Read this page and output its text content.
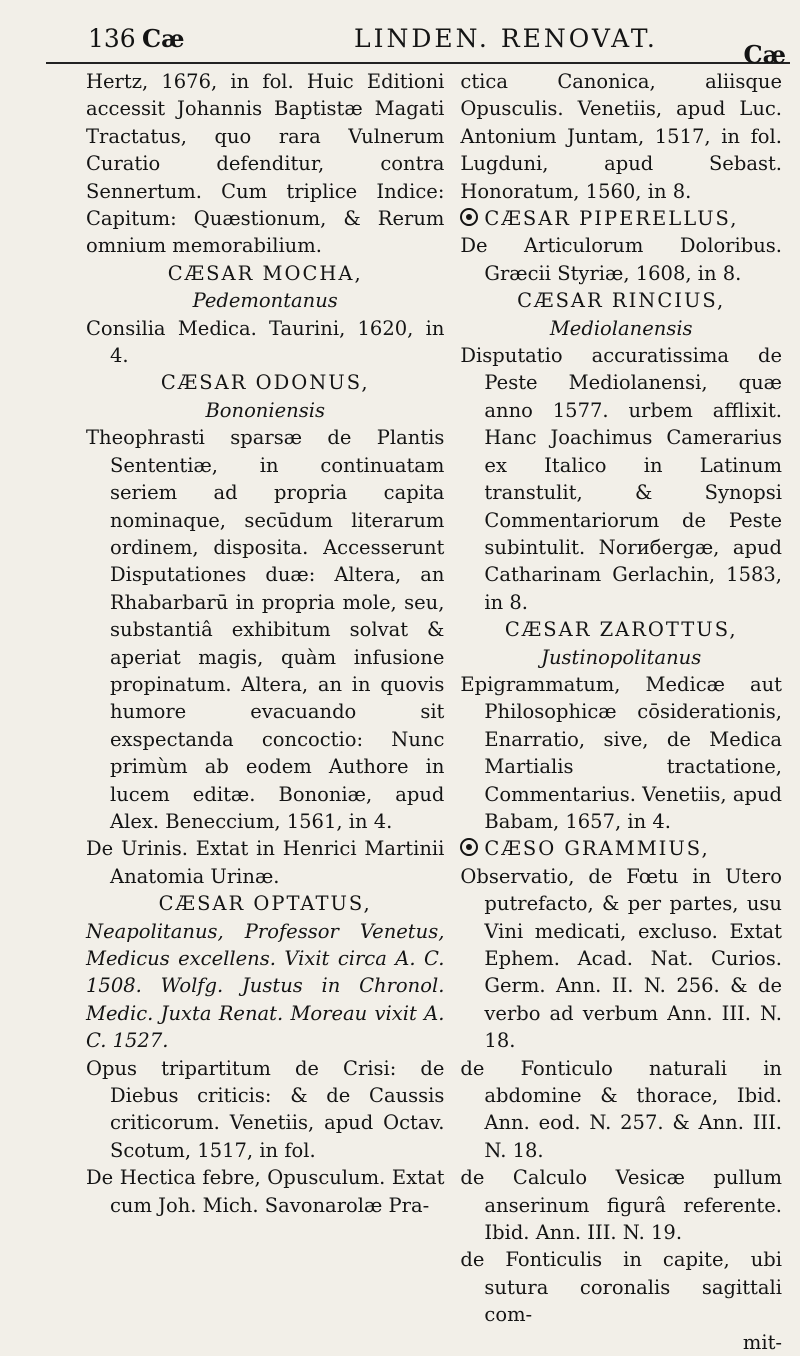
136 Cæ	LINDEN. RENOVAT.
Cæ

Hertz, 1676, in fol. Huic Editioni accessit Johannis Baptistæ Magati Tractatus, quo rara Vulnerum Curatio defenditur, contra Sennertum. Cum triplice Indice: Capitum: Quæstionum, & Rerum omnium memorabilium.

CÆSAR MOCHA,

Pedemontanus

Consilia Medica. Taurini, 1620, in 4.

CÆSAR ODONUS,

Bononiensis

Theophrasti sparsæ de Plantis Sententiæ, in continuatam seriem ad propria capita nominaque, secūdum literarum ordinem, disposita. Accesserunt Disputationes duæ: Altera, an Rhabarbarū in propria mole, seu, substantiâ exhibitum solvat & aperiat magis, quàm infusione propinatum. Altera, an in quovis humore evacuando sit exspectanda concoctio: Nunc primùm ab eodem Authore in lucem editæ. Bononiæ, apud Alex. Beneccium, 1561, in 4.

De Urinis. Extat in Henrici Martinii Anatomia Urinæ.

CÆSAR OPTATUS,

Neapolitanus, Professor Venetus, Medicus excellens. Vixit circa A. C. 1508. Wolfg. Justus in Chronol. Medic. Juxta Renat. Moreau vixit A. C. 1527.

Opus tripartitum de Crisi: de Diebus criticis: & de Caussis criticorum. Venetiis, apud Octav. Scotum, 1517, in fol.

De Hectica febre, Opusculum. Extat cum Joh. Mich. Savonarolæ Pra-

ctica Canonica, aliisque Opusculis. Venetiis, apud Luc. Antonium Juntam, 1517, in fol. Lugduni, apud Sebast. Honoratum, 1560, in 8.

CÆSAR PIPERELLUS,

De Articulorum Doloribus. Græcii Styriæ, 1608, in 8.

CÆSAR RINCIUS,

Mediolanensis

Disputatio accuratissima de Peste Mediolanensi, quæ anno 1577. urbem afflixit. Hanc Joachimus Camerarius ex Italico in Latinum transtulit, & Synopsi Commentariorum de Peste subintulit. Norибergæ, apud Catharinam Gerlachin, 1583, in 8.

CÆSAR ZAROTTUS,

Justinopolitanus

Epigrammatum, Medicæ aut Philosophicæ cōsiderationis, Enarratio, sive, de Medica Martialis tractatione, Commentarius. Venetiis, apud Babam, 1657, in 4.

CÆSO GRAMMIUS,

Observatio, de Fœtu in Utero putrefacto, & per partes, usu Vini medicati, excluso. Extat Ephem. Acad. Nat. Curios. Germ. Ann. II. N. 256. & de verbo ad verbum Ann. III. N. 18.

de Fonticulo naturali in abdomine & thorace, Ibid. Ann. eod. N. 257. & Ann. III. N. 18.

de Calculo Vesicæ pullum anserinum figurâ referente. Ibid. Ann. III. N. 19.

de Fonticulis in capite, ubi sutura coronalis sagittali com-

mit-
